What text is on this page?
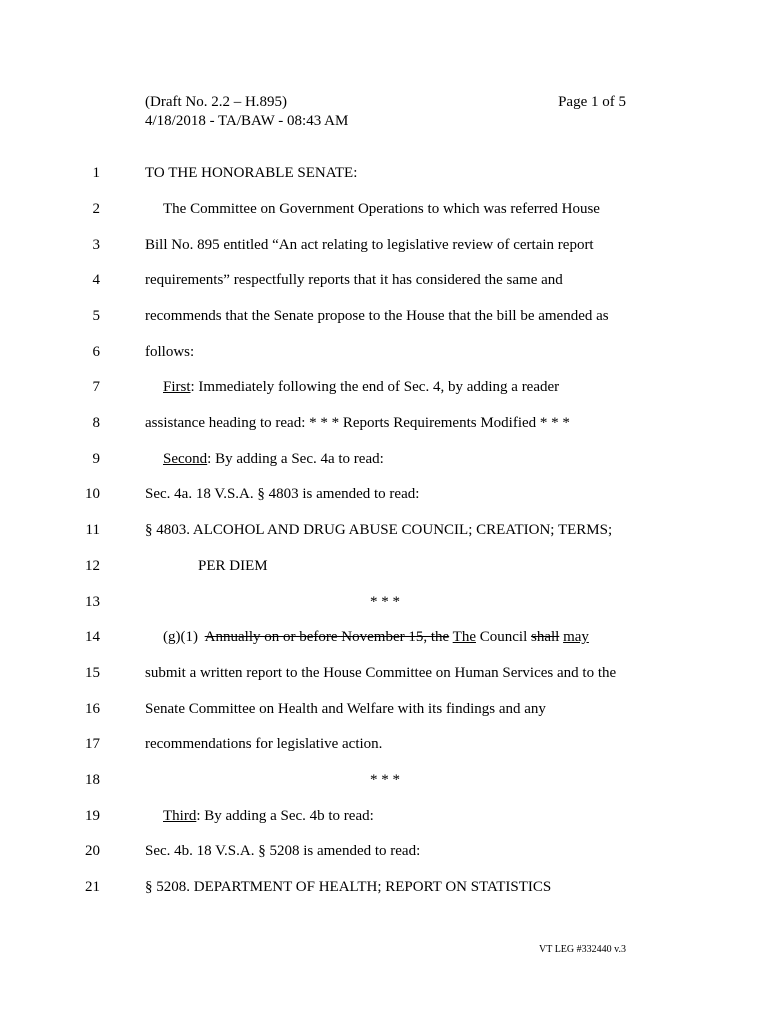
(Draft No. 2.2 – H.895)
4/18/2018 - TA/BAW - 08:43 AM
Page 1 of 5
1	TO THE HONORABLE SENATE:
2	The Committee on Government Operations to which was referred House
3	Bill No. 895 entitled “An act relating to legislative review of certain report
4	requirements” respectfully reports that it has considered the same and
5	recommends that the Senate propose to the House that the bill be amended as
6	follows:
7	First: Immediately following the end of Sec. 4, by adding a reader
8	assistance heading to read: * * * Reports Requirements Modified * * *
9	Second: By adding a Sec. 4a to read:
10	Sec. 4a. 18 V.S.A. § 4803 is amended to read:
11	§ 4803. ALCOHOL AND DRUG ABUSE COUNCIL; CREATION; TERMS;
12	PER DIEM
13	* * *
14	(g)(1)  Annually on or before November 15, the The Council shall may
15	submit a written report to the House Committee on Human Services and to the
16	Senate Committee on Health and Welfare with its findings and any
17	recommendations for legislative action.
18	* * *
19	Third: By adding a Sec. 4b to read:
20	Sec. 4b. 18 V.S.A. § 5208 is amended to read:
21	§ 5208. DEPARTMENT OF HEALTH; REPORT ON STATISTICS
VT LEG #332440 v.3
